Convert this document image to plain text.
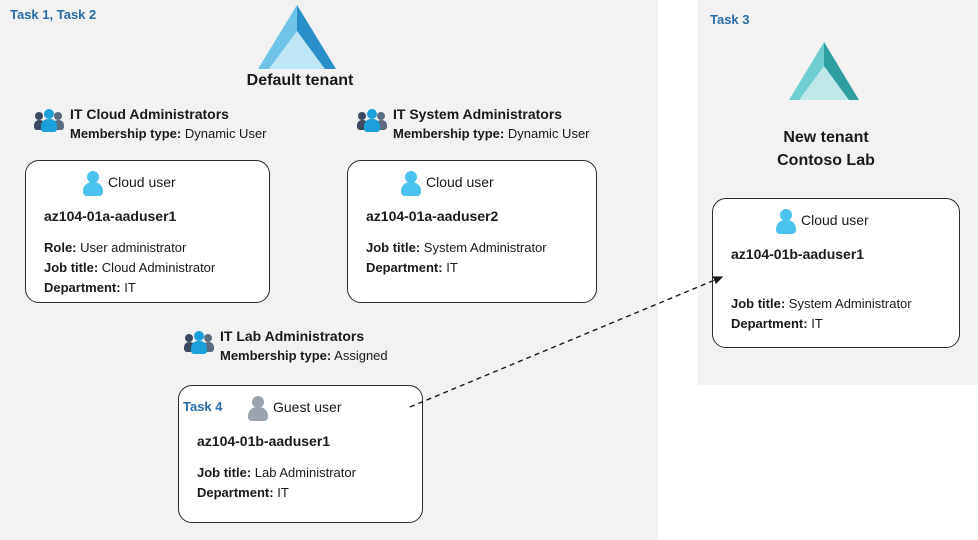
Task 1, Task 2	Task 3
Default tenant
New tenant
Contoso Lab
IT Cloud Administrators
Membership type: Dynamic User
IT System Administrators
Membership type: Dynamic User
IT Lab Administrators
Membership type: Assigned
Cloud user
az104-01a-aaduser1
Role: User administrator
Job title: Cloud Administrator
Department: IT
Cloud user
az104-01a-aaduser2
Job title: System Administrator
Department: IT
Task 4	Guest user
az104-01b-aaduser1
Job title: Lab Administrator
Department: IT
Cloud user
az104-01b-aaduser1
Job title: System Administrator
Department: IT
